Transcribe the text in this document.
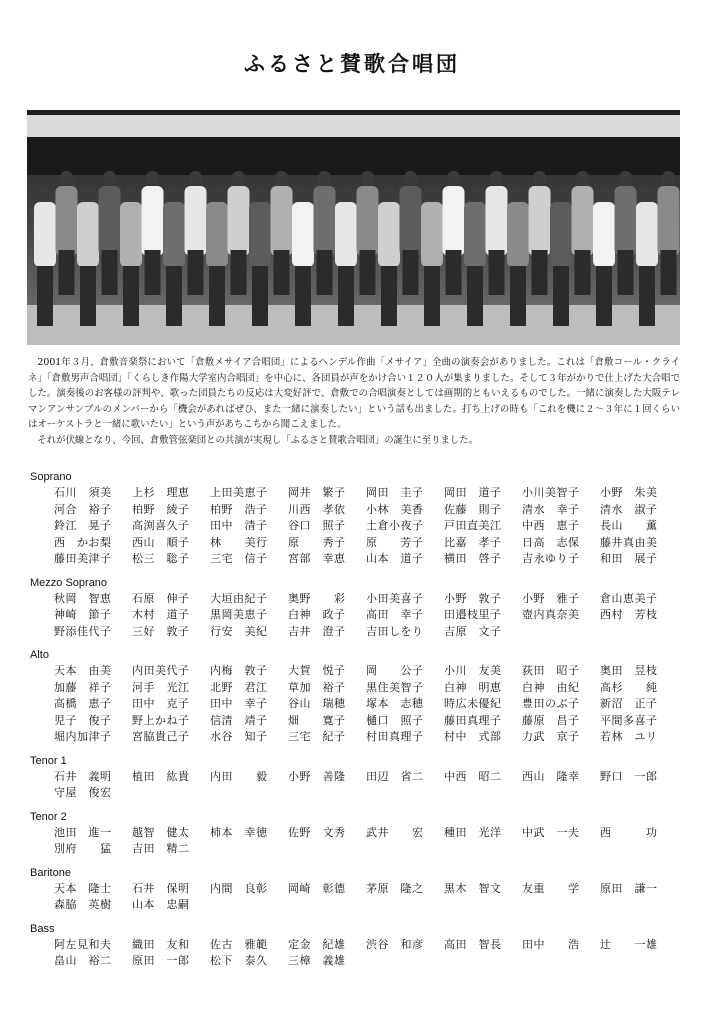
ふるさと賛歌合唱団

2001年３月、倉敷音楽祭において「倉敷メサイア合唱団」によるヘンデル作曲「メサイア」全曲の演奏会がありました。これは「倉敷コール・クライネ」「倉敷男声合唱団」「くらしき作陽大学室内合唱団」を中心に、各団員が声をかけ合い１２０人が集まりました。そして３年がかりで仕上げた大合唱でした。演奏後のお客様の評判や、歌った団員たちの反応は大変好評で、倉敷での合唱演奏としては画期的ともいえるものでした。一緒に演奏した大阪テレマンアンサンブルのメンバーから「機会があればぜひ、また一緒に演奏したい」という話も出ました。打ち上げの時も「これを機に２〜３年に１回くらいはオーケストラと一緒に歌いたい」という声があちこちから聞こえました。

それが伏線となり、今回、倉敷管弦楽団との共演が実現し「ふるさと賛歌合唱団」の誕生に至りました。

Soprano
石川　須美	上杉　理恵	上田美恵子	岡井　繁子	岡田　圭子	岡田　道子	小川美智子	小野　朱美
河合　裕子	柏野　綾子	柏野　浩子	川西　孝依	小林　美香	佐藤　則子	清水　幸子	清水　淑子
鈴江　晃子	高渕喜久子	田中　清子	谷口　照子	土倉小夜子	戸田直美江	中西　恵子	長山　　薫
西　かお梨	西山　順子	林　　美行	原　　秀子	原　　芳子	比嘉　孝子	日高　志保	藤井真由美
藤田美津子	松三　聡子	三宅　信子	宮部　幸恵	山本　道子	横田　啓子	吉永ゆり子	和田　展子
Mezzo Soprano
秋岡　智恵	石原　伸子	大垣由紀子	奥野　　彩	小田美喜子	小野　敦子	小野　雅子	倉山恵美子
神崎　節子	木村　道子	黒岡美恵子	白神　政子	高田　幸子	田邉枝里子	壺内真奈美	西村　芳枝
野添佳代子	三好　敦子	行安　美紀	吉井　澄子	吉田しをり	吉原　文子
Alto
天本　由美	内田美代子	内梅　敦子	大賀　悦子	岡　　公子	小川　友美	荻田　昭子	奥田　昱枝
加藤　祥子	河手　光江	北野　君江	草加　裕子	黒住美智子	白神　明恵	白神　由紀	高杉　　純
高橋　恵子	田中　克子	田中　幸子	谷山　瑞穂	塚本　志穂	時広未優紀	豊田のぶ子	新沼　正子
児子　俊子	野上かね子	信清　靖子	畑　　寛子	樋口　照子	藤田真理子	藤原　昌子	平間多喜子
堀内加津子	宮脇貴己子	水谷　知子	三宅　紀子	村田真理子	村中　式部	力武　京子	若林　ユリ
Tenor 1
石井　義明	植田　紘貴	内田　　毅	小野　善隆	田辺　省二	中西　昭二	西山　隆幸	野口　一郎
守屋　俊宏
Tenor 2
池田　進一	越智　健太	柿本　幸徳	佐野　文秀	武井　　宏	種田　光洋	中武　一夫	西　　　功
別府　　猛	吉田　精二
Baritone
天本　隆士	石井　保明	内間　良彰	岡崎　彰德	茅原　隆之	黒木　智文	友重　　学	原田　謙一
森脇　英樹	山本　忠嗣
Bass
阿左見和夫	織田　友和	佐古　雅範	定金　紀雄	渋谷　和彦	高田　智長	田中　　浩	辻　　一雄
畠山　裕二	原田　一郎	松下　泰久	三樟　義雄
